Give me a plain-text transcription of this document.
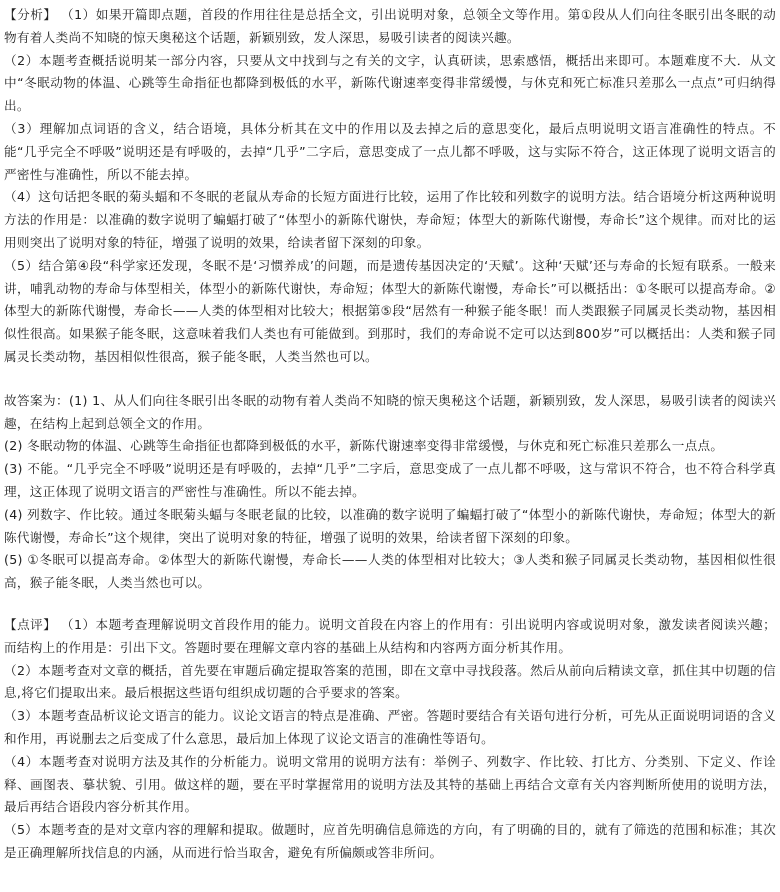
【分析】 （1）如果开篇即点题，首段的作用往往是总括全文，引出说明对象，总领全文等作用。第①段从人们向往冬眠引出冬眠的动物有着人类尚不知晓的惊天奥秘这个话题，新颖别致，发人深思，易吸引读者的阅读兴趣。

（2）本题考查概括说明某一部分内容，只要从文中找到与之有关的文字，认真研读，思索感悟，概括出来即可。本题难度不大．从文中“冬眠动物的体温、心跳等生命指征也都降到极低的水平，新陈代谢速率变得非常缓慢，与休克和死亡标准只差那么一点点”可归纳得出。

（3）理解加点词语的含义，结合语境，具体分析其在文中的作用以及去掉之后的意思变化，最后点明说明文语言准确性的特点。不能“几乎完全不呼吸”说明还是有呼吸的，去掉“几乎”二字后，意思变成了一点儿都不呼吸，这与实际不符合，这正体现了说明文语言的严密性与准确性，所以不能去掉。

（4）这句话把冬眠的菊头蝠和不冬眠的老鼠从寿命的长短方面进行比较，运用了作比较和列数字的说明方法。结合语境分析这两种说明方法的作用是：以准确的数字说明了蝙蝠打破了“体型小的新陈代谢快，寿命短；体型大的新陈代谢慢，寿命长”这个规律。而对比的运用则突出了说明对象的特征，增强了说明的效果，给读者留下深刻的印象。

（5）结合第④段“科学家还发现，冬眠不是‘习惯养成’的问题，而是遗传基因决定的‘天赋’。这种‘天赋’还与寿命的长短有联系。一般来讲，哺乳动物的寿命与体型相关，体型小的新陈代谢快，寿命短；体型大的新陈代谢慢，寿命长”可以概括出：①冬眠可以提高寿命。②体型大的新陈代谢慢，寿命长——人类的体型相对比较大；根据第⑤段“居然有一种猴子能冬眠！而人类跟猴子同属灵长类动物，基因相似性很高。如果猴子能冬眠，这意味着我们人类也有可能做到。到那时，我们的寿命说不定可以达到800岁”可以概括出：人类和猴子同属灵长类动物，基因相似性很高，猴子能冬眠，人类当然也可以。

故答案为：(1) 1、从人们向往冬眠引出冬眠的动物有着人类尚不知晓的惊天奥秘这个话题，新颖别致，发人深思，易吸引读者的阅读兴趣，在结构上起到总领全文的作用。

(2) 冬眠动物的体温、心跳等生命指征也都降到极低的水平，新陈代谢速率变得非常缓慢，与休克和死亡标准只差那么一点点。

(3) 不能。“几乎完全不呼吸”说明还是有呼吸的，去掉“几乎”二字后，意思变成了一点儿都不呼吸，这与常识不符合，也不符合科学真理，这正体现了说明文语言的严密性与准确性。所以不能去掉。

(4) 列数字、作比较。通过冬眠菊头蝠与冬眠老鼠的比较，以准确的数字说明了蝙蝠打破了“体型小的新陈代谢快，寿命短；体型大的新陈代谢慢，寿命长”这个规律，突出了说明对象的特征，增强了说明的效果，给读者留下深刻的印象。

(5) ①冬眠可以提高寿命。②体型大的新陈代谢慢，寿命长——人类的体型相对比较大；③人类和猴子同属灵长类动物，基因相似性很高，猴子能冬眠，人类当然也可以。

【点评】 （1）本题考查理解说明文首段作用的能力。说明文首段在内容上的作用有：引出说明内容或说明对象，激发读者阅读兴趣；而结构上的作用是：引出下文。答题时要在理解文章内容的基础上从结构和内容两方面分析其作用。

（2）本题考查对文章的概括，首先要在审题后确定提取答案的范围，即在文章中寻找段落。然后从前向后精读文章，抓住其中切题的信息,将它们提取出来。最后根据这些语句组织成切题的合乎要求的答案。

（3）本题考查品析议论文语言的能力。议论文语言的特点是准确、严密。答题时要结合有关语句进行分析，可先从正面说明词语的含义和作用，再说删去之后变成了什么意思，最后加上体现了议论文语言的准确性等语句。

（4）本题考查对说明方法及其作的分析能力。说明文常用的说明方法有：举例子、列数字、作比较、打比方、分类别、下定义、作诠释、画图表、摹状貌、引用。做这样的题，要在平时掌握常用的说明方法及其特的基础上再结合文章有关内容判断所使用的说明方法，最后再结合语段内容分析其作用。

（5）本题考查的是对文章内容的理解和提取。做题时，应首先明确信息筛选的方向，有了明确的目的，就有了筛选的范围和标准；其次是正确理解所找信息的内涵，从而进行恰当取舍，避免有所偏颇或答非所问。
